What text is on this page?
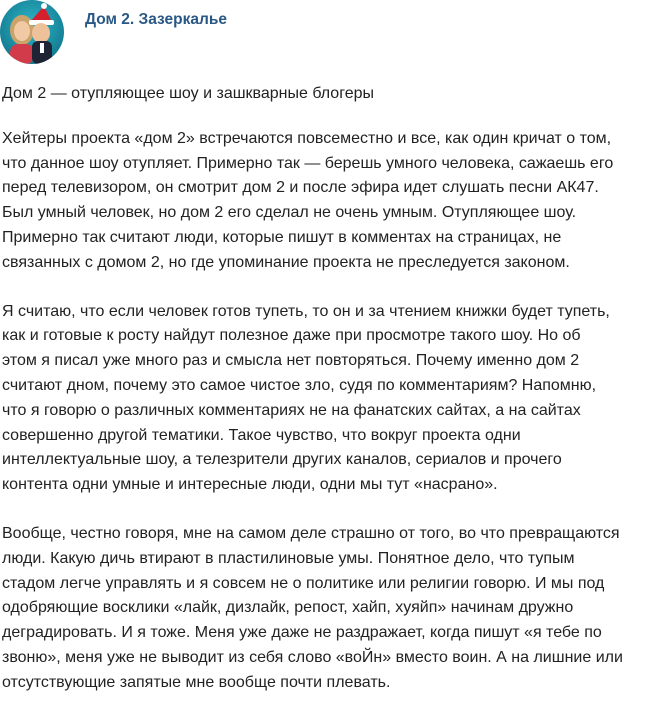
Дом 2. Зазеркалье
Дом 2 — отупляющее шоу и зашкварные блогеры
Хейтеры проекта «дом 2» встречаются повсеместно и все, как один кричат о том,
что данное шоу отупляет. Примерно так — берешь умного человека, сажаешь его
перед телевизором, он смотрит дом 2 и после эфира идет слушать песни АК47.
Был умный человек, но дом 2 его сделал не очень умным. Отупляющее шоу.
Примерно так считают люди, которые пишут в комментах на страницах, не
связанных с домом 2, но где упоминание проекта не преследуется законом.
Я считаю, что если человек готов тупеть, то он и за чтением книжки будет тупеть,
как и готовые к росту найдут полезное даже при просмотре такого шоу. Но об
этом я писал уже много раз и смысла нет повторяться. Почему именно дом 2
считают дном, почему это самое чистое зло, судя по комментариям? Напомню,
что я говорю о различных комментариях не на фанатских сайтах, а на сайтах
совершенно другой тематики. Такое чувство, что вокруг проекта одни
интеллектуальные шоу, а телезрители других каналов, сериалов и прочего
контента одни умные и интересные люди, одни мы тут «насрано».
Вообще, честно говоря, мне на самом деле страшно от того, во что превращаются
люди. Какую дичь втирают в пластилиновые умы. Понятное дело, что тупым
стадом легче управлять и я совсем не о политике или религии говорю. И мы под
одобряющие восклики «лайк, дизлайк, репост, хайп, хуяйп» начинам дружно
деградировать. И я тоже. Меня уже даже не раздражает, когда пишут «я тебе по
звоню», меня уже не выводит из себя слово «воЙн» вместо воин. А на лишние или
отсутствующие запятые мне вообще почти плевать.
